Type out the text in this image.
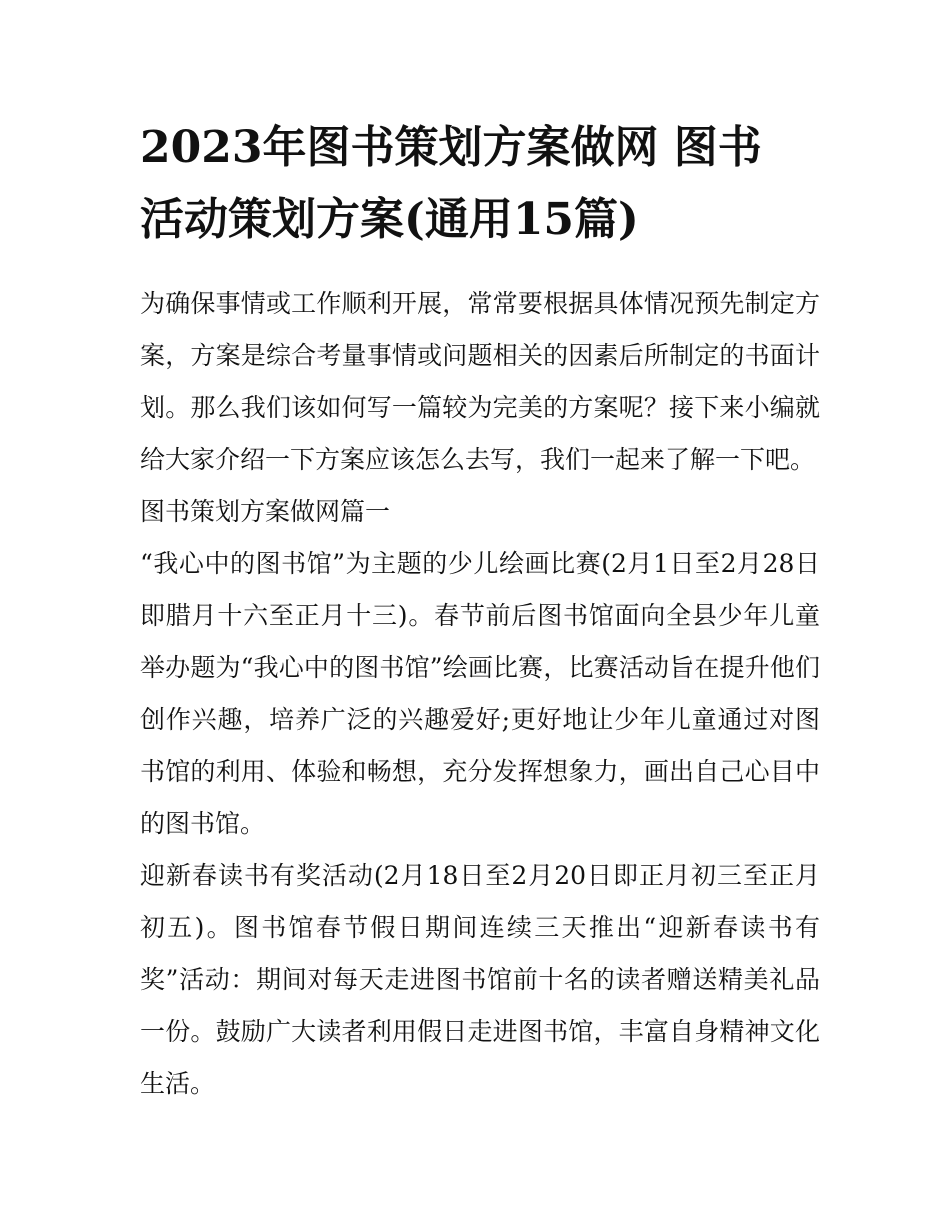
2023年图书策划方案做网 图书活动策划方案(通用15篇)

为确保事情或工作顺利开展，常常要根据具体情况预先制定方案，方案是综合考量事情或问题相关的因素后所制定的书面计划。那么我们该如何写一篇较为完美的方案呢？接下来小编就给大家介绍一下方案应该怎么去写，我们一起来了解一下吧。

图书策划方案做网篇一

“我心中的图书馆”为主题的少儿绘画比赛(2月1日至2月28日即腊月十六至正月十三)。春节前后图书馆面向全县少年儿童举办题为“我心中的图书馆”绘画比赛，比赛活动旨在提升他们创作兴趣，培养广泛的兴趣爱好;更好地让少年儿童通过对图书馆的利用、体验和畅想，充分发挥想象力，画出自己心目中的图书馆。

迎新春读书有奖活动(2月18日至2月20日即正月初三至正月初五)。图书馆春节假日期间连续三天推出“迎新春读书有奖”活动：期间对每天走进图书馆前十名的读者赠送精美礼品一份。鼓励广大读者利用假日走进图书馆，丰富自身精神文化生活。
